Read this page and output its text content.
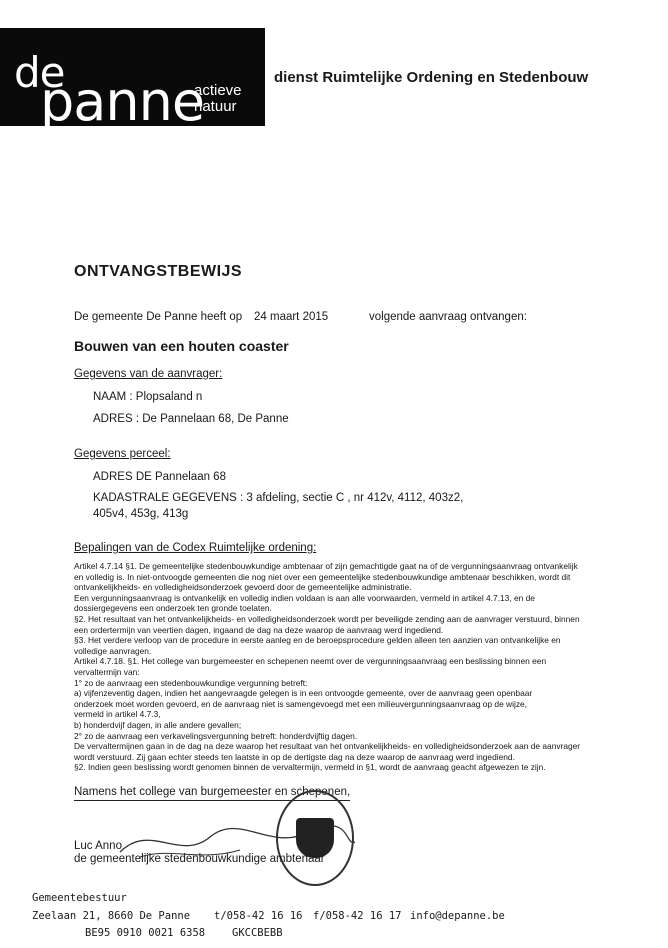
de
panne
actieve
natuur
dienst Ruimtelijke Ordening en Stedenbouw
ONTVANGSTBEWIJS
De gemeente De Panne heeft op 24 maart 2015	volgende aanvraag ontvangen:
Bouwen van een houten coaster
Gegevens van de aanvrager:
NAAM : Plopsaland n
ADRES : De Pannelaan 68, De Panne
Gegevens perceel:
ADRES DE Pannelaan 68
KADASTRALE GEGEVENS : 3 afdeling, sectie C , nr 412v, 4112, 403z2,
405v4, 453g, 413g
Bepalingen van de Codex Ruimtelijke ordening:
Artikel 4.7.14 §1. De gemeentelijke stedenbouwkundige ambtenaar of zijn gemachtigde gaat na of de vergunningsaanvraag ontvankelijk
en volledig is. In niet-ontvoogde gemeenten die nog niet over een gemeentelijke stedenbouwkundige ambtenaar beschikken, wordt dit
ontvankelijkheids- en volledigheidsonderzoek gevoerd door de gemeentelijke administratie.
Een vergunningsaanvraag is ontvankelijk en volledig indien voldaan is aan alle voorwaarden, vermeld in artikel 4.7.13, en de
dossiergegevens een onderzoek ten gronde toelaten.
§2. Het resultaat van het ontvankelijkheids- en volledigheidsonderzoek wordt per beveiligde zending aan de aanvrager verstuurd, binnen
een ordertermijn van veertien dagen, ingaand de dag na deze waarop de aanvraag werd ingediend.
§3. Het verdere verloop van de procedure in eerste aanleg en de beroepsprocedure gelden alleen ten aanzien van ontvankelijke en
volledige aanvragen.
Artikel 4.7.18. §1. Het college van burgemeester en schepenen neemt over de vergunningsaanvraag een beslissing binnen een
vervaltermijn van:
1° zo de aanvraag een stedenbouwkundige vergunning betreft:
a) vijfenzeventig dagen, indien het aangevraagde gelegen is in een ontvoogde gemeente, over de aanvraag geen openbaar
onderzoek moet worden gevoerd, en de aanvraag niet is samengevoegd met een milieuvergunningsaanvraag op de wijze,
vermeld in artikel 4.7.3,
b) honderdvijf dagen, in alle andere gevallen;
2° zo de aanvraag een verkavelingsvergunning betreft: honderdvijftig dagen.
De vervaltermijnen gaan in de dag na deze waarop het resultaat van het ontvankelijkheids- en volledigheidsonderzoek aan de aanvrager
wordt verstuurd. Zij gaan echter steeds ten laatste in op de dertigste dag na deze waarop de aanvraag werd ingediend.
§2. Indien geen beslissing wordt genomen binnen de vervaltermijn, vermeld in §1, wordt de aanvraag geacht afgewezen te zijn.
Namens het college van burgemeester en schepenen,
Luc Anno
de gemeentelijke stedenbouwkundige ambtenaar
Gemeentebestuur
Zeelaan 21, 8660 De Panne t/058-42 16 16 f/058-42 16 17 info@depanne.be
BE95 0910 0021 6358	GKCCBEBB
